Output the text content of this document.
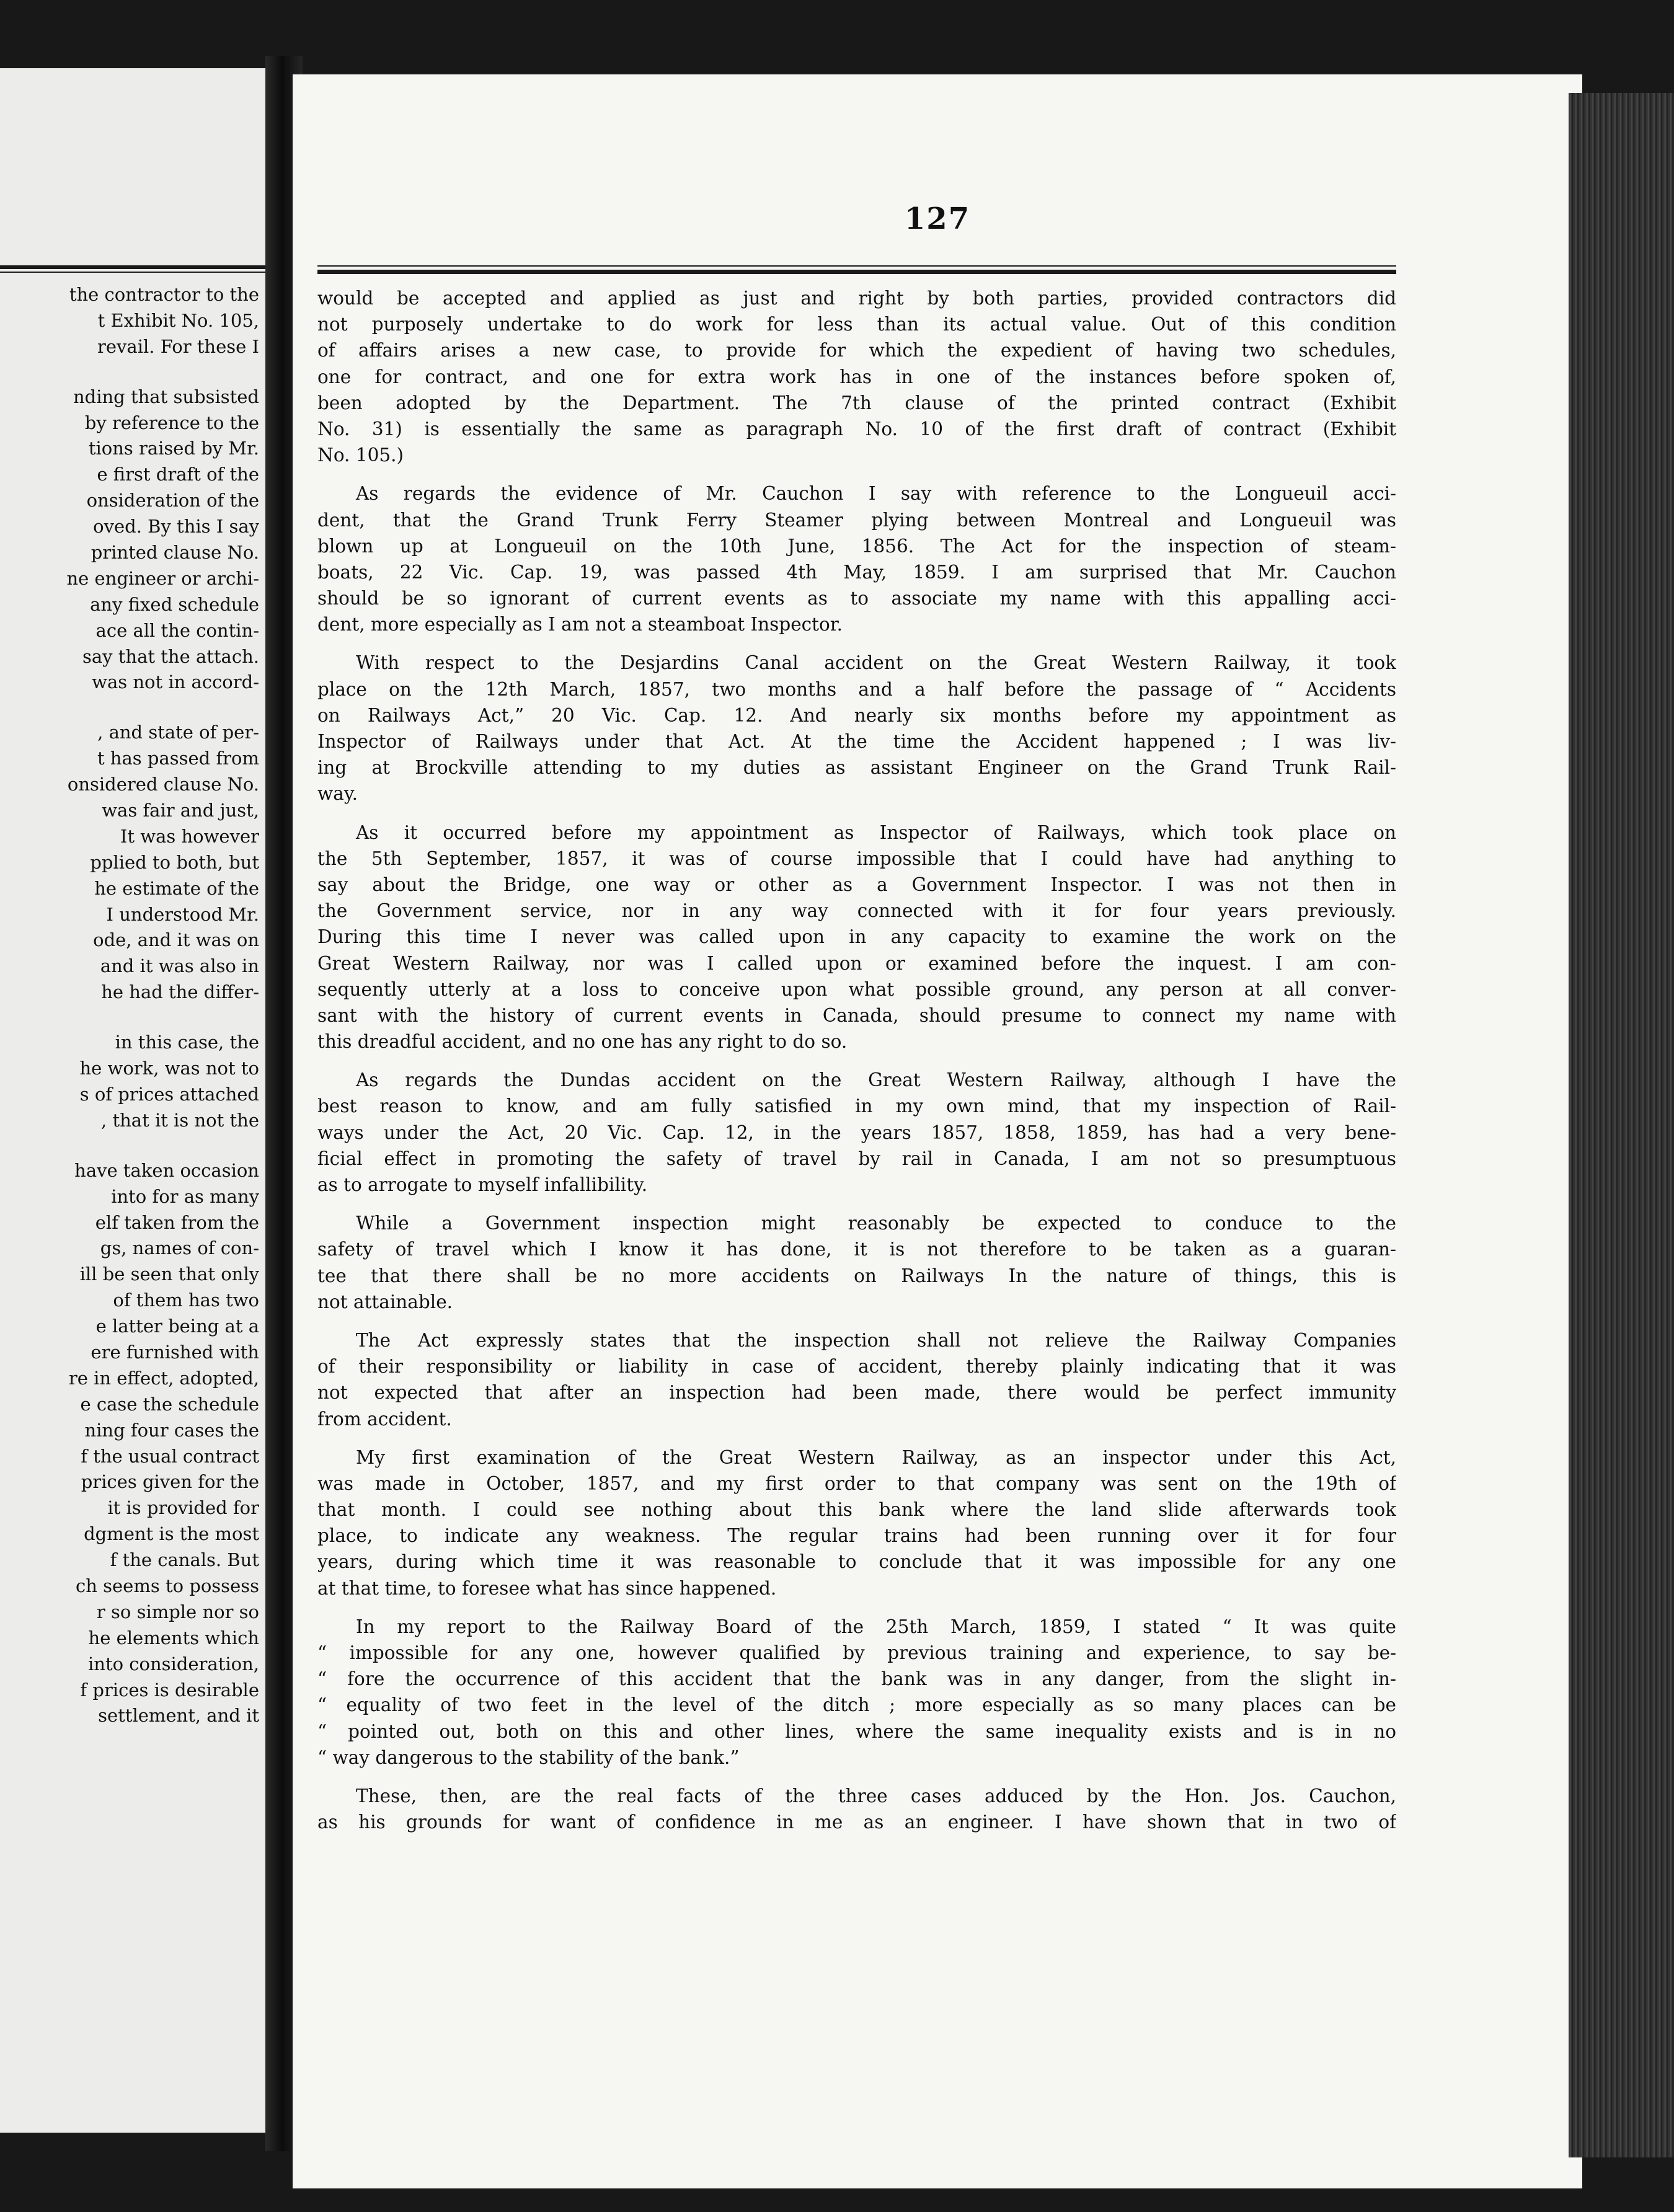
the contractor to the
t Exhibit No. 105,
revail. For these I
nding that subsisted
by reference to the
tions raised by Mr.
e first draft of the
onsideration of the
oved. By this I say
printed clause No.
ne engineer or archi-
any fixed schedule
ace all the contin-
say that the attach.
was not in accord-
, and state of per-
t has passed from
onsidered clause No.
was fair and just,
It was however
pplied to both, but
he estimate of the
I understood Mr.
ode, and it was on
and it was also in
he had the differ-
in this case, the
he work, was not to
s of prices attached
, that it is not the
have taken occasion
into for as many
elf taken from the
gs, names of con-
ill be seen that only
of them has two
e latter being at a
ere furnished with
re in effect, adopted,
e case the schedule
ning four cases the
f the usual contract
prices given for the
it is provided for
dgment is the most
f the canals. But
ch seems to possess
r so simple nor so
he elements which
into consideration,
f prices is desirable
settlement, and it
127
would be accepted and applied as just and right by both parties, provided contractors did
not purposely undertake to do work for less than its actual value. Out of this condition
of affairs arises a new case, to provide for which the expedient of having two schedules,
one for contract, and one for extra work has in one of the instances before spoken of,
been adopted by the Department. The 7th clause of the printed contract (Exhibit
No. 31) is essentially the same as paragraph No. 10 of the first draft of contract (Exhibit
No. 105.)
As regards the evidence of Mr. Cauchon I say with reference to the Longueuil acci-
dent, that the Grand Trunk Ferry Steamer plying between Montreal and Longueuil was
blown up at Longueuil on the 10th June, 1856. The Act for the inspection of steam-
boats, 22 Vic. Cap. 19, was passed 4th May, 1859. I am surprised that Mr. Cauchon
should be so ignorant of current events as to associate my name with this appalling acci-
dent, more especially as I am not a steamboat Inspector.
With respect to the Desjardins Canal accident on the Great Western Railway, it took
place on the 12th March, 1857, two months and a half before the passage of “ Accidents
on Railways Act,” 20 Vic. Cap. 12. And nearly six months before my appointment as
Inspector of Railways under that Act. At the time the Accident happened ; I was liv-
ing at Brockville attending to my duties as assistant Engineer on the Grand Trunk Rail-
way.
As it occurred before my appointment as Inspector of Railways, which took place on
the 5th September, 1857, it was of course impossible that I could have had anything to
say about the Bridge, one way or other as a Government Inspector. I was not then in
the Government service, nor in any way connected with it for four years previously.
During this time I never was called upon in any capacity to examine the work on the
Great Western Railway, nor was I called upon or examined before the inquest. I am con-
sequently utterly at a loss to conceive upon what possible ground, any person at all conver-
sant with the history of current events in Canada, should presume to connect my name with
this dreadful accident, and no one has any right to do so.
As regards the Dundas accident on the Great Western Railway, although I have the
best reason to know, and am fully satisfied in my own mind, that my inspection of Rail-
ways under the Act, 20 Vic. Cap. 12, in the years 1857, 1858, 1859, has had a very bene-
ficial effect in promoting the safety of travel by rail in Canada, I am not so presumptuous
as to arrogate to myself infallibility.
While a Government inspection might reasonably be expected to conduce to the
safety of travel which I know it has done, it is not therefore to be taken as a guaran-
tee that there shall be no more accidents on Railways In the nature of things, this is
not attainable.
The Act expressly states that the inspection shall not relieve the Railway Companies
of their responsibility or liability in case of accident, thereby plainly indicating that it was
not expected that after an inspection had been made, there would be perfect immunity
from accident.
My first examination of the Great Western Railway, as an inspector under this Act,
was made in October, 1857, and my first order to that company was sent on the 19th of
that month. I could see nothing about this bank where the land slide afterwards took
place, to indicate any weakness. The regular trains had been running over it for four
years, during which time it was reasonable to conclude that it was impossible for any one
at that time, to foresee what has since happened.
In my report to the Railway Board of the 25th March, 1859, I stated “ It was quite
“ impossible for any one, however qualified by previous training and experience, to say be-
“ fore the occurrence of this accident that the bank was in any danger, from the slight in-
“ equality of two feet in the level of the ditch ; more especially as so many places can be
“ pointed out, both on this and other lines, where the same inequality exists and is in no
“ way dangerous to the stability of the bank.”
These, then, are the real facts of the three cases adduced by the Hon. Jos. Cauchon,
as his grounds for want of confidence in me as an engineer. I have shown that in two of
